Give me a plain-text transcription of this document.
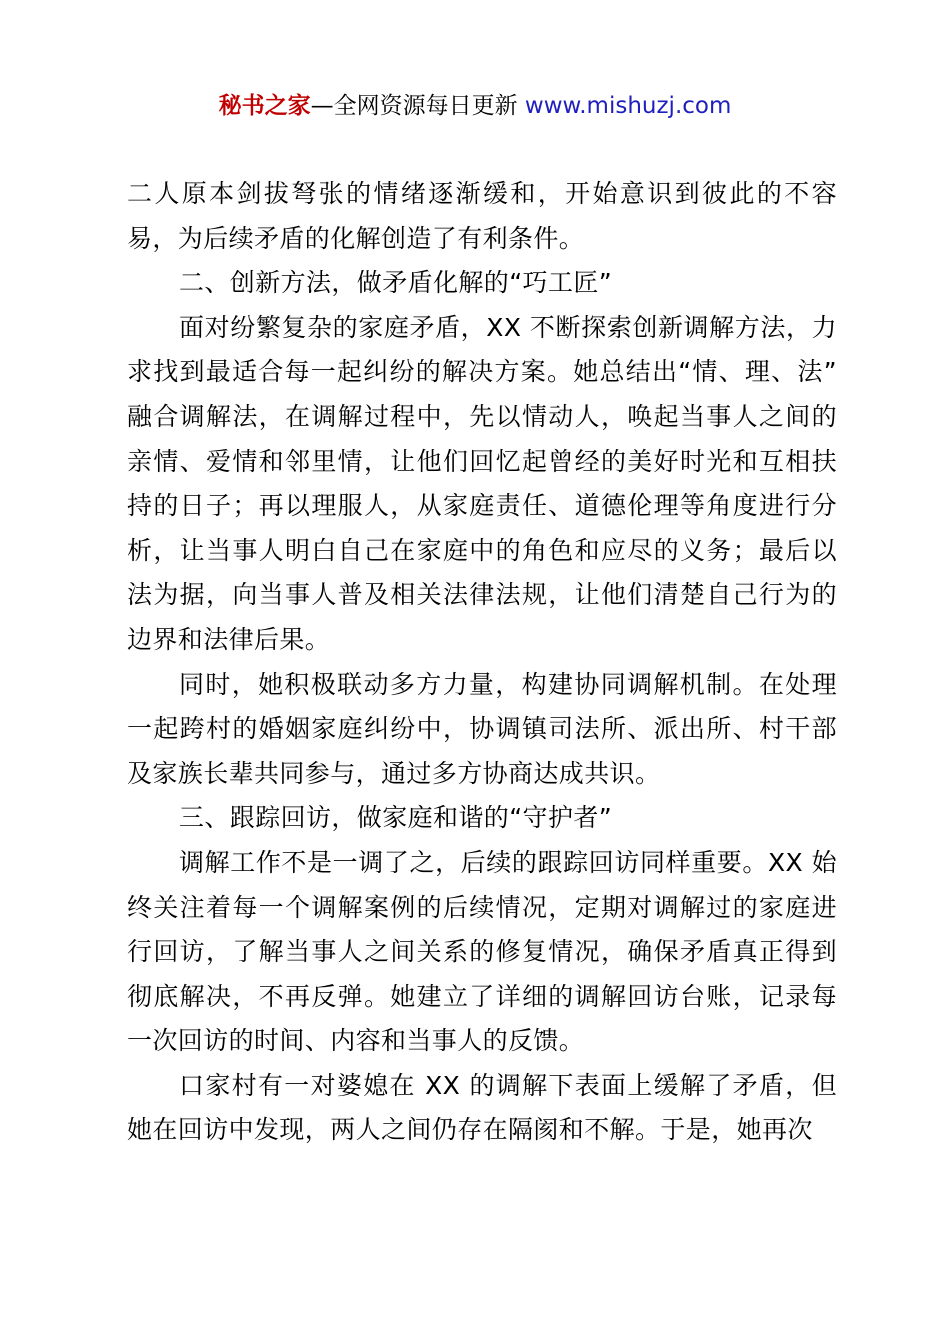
秘书之家—全网资源每日更新 www.mishuzj.com

二人原本剑拔弩张的情绪逐渐缓和，开始意识到彼此的不容易，为后续矛盾的化解创造了有利条件。

二、创新方法，做矛盾化解的“巧工匠”

面对纷繁复杂的家庭矛盾，XX 不断探索创新调解方法，力求找到最适合每一起纠纷的解决方案。她总结出“情、理、法” 融合调解法，在调解过程中，先以情动人，唤起当事人之间的亲情、爱情和邻里情，让他们回忆起曾经的美好时光和互相扶持的日子；再以理服人，从家庭责任、道德伦理等角度进行分析，让当事人明白自己在家庭中的角色和应尽的义务；最后以法为据，向当事人普及相关法律法规，让他们清楚自己行为的边界和法律后果。

同时，她积极联动多方力量，构建协同调解机制。在处理一起跨村的婚姻家庭纠纷中，协调镇司法所、派出所、村干部及家族长辈共同参与，通过多方协商达成共识。

三、跟踪回访，做家庭和谐的“守护者”

调解工作不是一调了之，后续的跟踪回访同样重要。XX 始终关注着每一个调解案例的后续情况，定期对调解过的家庭进行回访，了解当事人之间关系的修复情况，确保矛盾真正得到彻底解决，不再反弹。她建立了详细的调解回访台账，记录每一次回访的时间、内容和当事人的反馈。

口家村有一对婆媳在 XX 的调解下表面上缓解了矛盾，但她在回访中发现，两人之间仍存在隔阂和不解。于是，她再次
